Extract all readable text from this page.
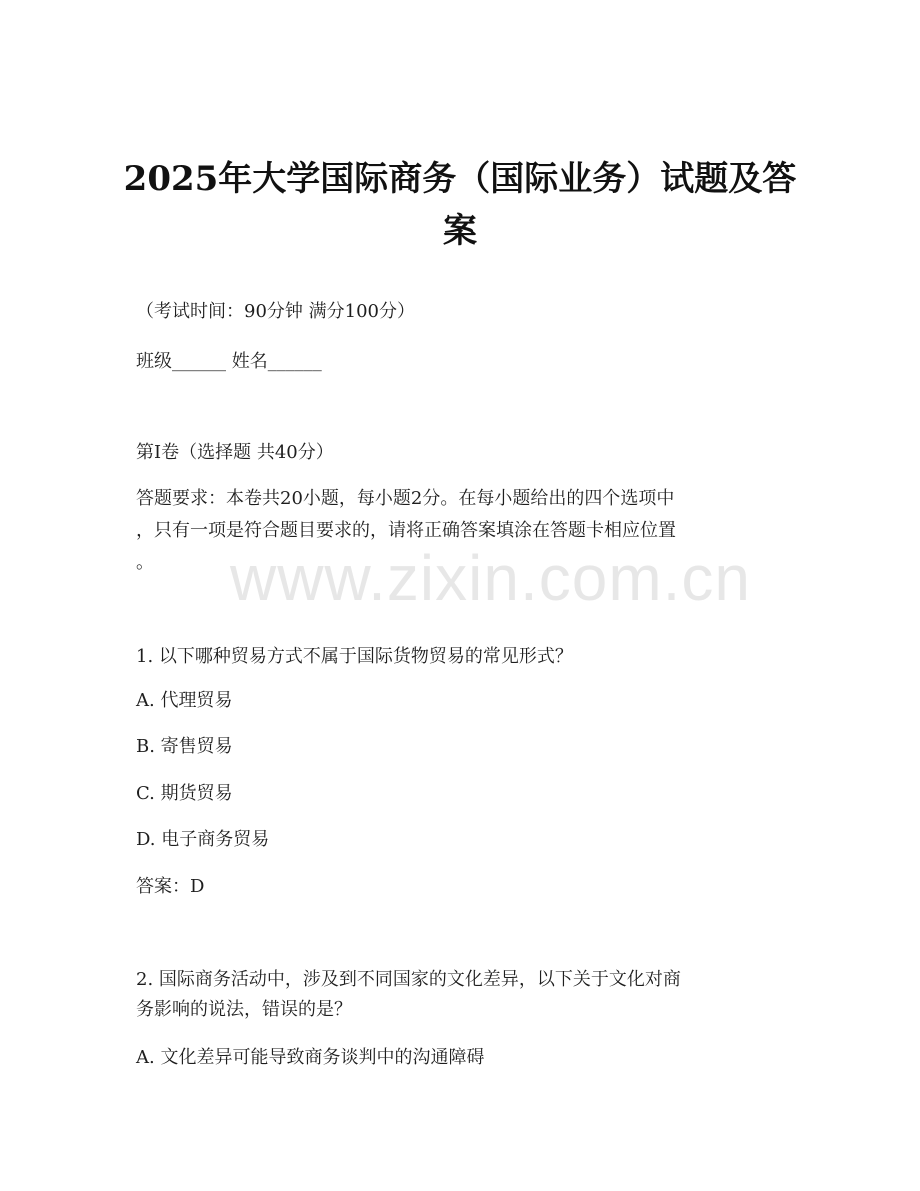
2025年大学国际商务（国际业务）试题及答
案
（考试时间：90分钟 满分100分）
班级______ 姓名______
第Ⅰ卷（选择题 共40分）
答题要求：本卷共20小题，每小题2分。在每小题给出的四个选项中
，只有一项是符合题目要求的，请将正确答案填涂在答题卡相应位置
。	www.zixin.com.cn
1. 以下哪种贸易方式不属于国际货物贸易的常见形式？
A. 代理贸易
B. 寄售贸易
C. 期货贸易
D. 电子商务贸易
答案：D
2. 国际商务活动中，涉及到不同国家的文化差异，以下关于文化对商
务影响的说法，错误的是？
A. 文化差异可能导致商务谈判中的沟通障碍
